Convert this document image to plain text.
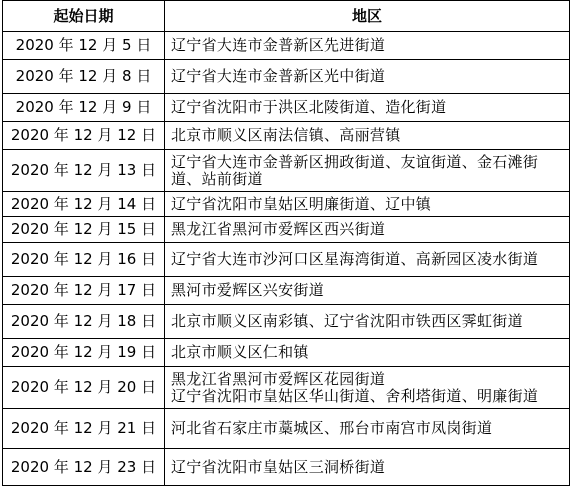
起始日期	地区
2020 年 12 月 5 日	辽宁省大连市金普新区先进街道

2020 年 12 月 8 日	辽宁省大连市金普新区光中街道

2020 年 12 月 9 日	辽宁省沈阳市于洪区北陵街道、造化街道

2020 年 12 月 12 日	北京市顺义区南法信镇、高丽营镇

2020 年 12 月 13 日	辽宁省大连市金普新区拥政街道、友谊街道、金石滩街
道、站前街道

2020 年 12 月 14 日	辽宁省沈阳市皇姑区明廉街道、辽中镇

2020 年 12 月 15 日	黑龙江省黑河市爱辉区西兴街道

2020 年 12 月 16 日	辽宁省大连市沙河口区星海湾街道、高新园区凌水街道

2020 年 12 月 17 日	黑河市爱辉区兴安街道

2020 年 12 月 18 日	北京市顺义区南彩镇、辽宁省沈阳市铁西区霁虹街道

2020 年 12 月 19 日	北京市顺义区仁和镇

2020 年 12 月 20 日	黑龙江省黑河市爱辉区花园街道
辽宁省沈阳市皇姑区华山街道、舍利塔街道、明廉街道

2020 年 12 月 21 日	河北省石家庄市藁城区、邢台市南宫市凤岗街道

2020 年 12 月 23 日	辽宁省沈阳市皇姑区三洞桥街道
